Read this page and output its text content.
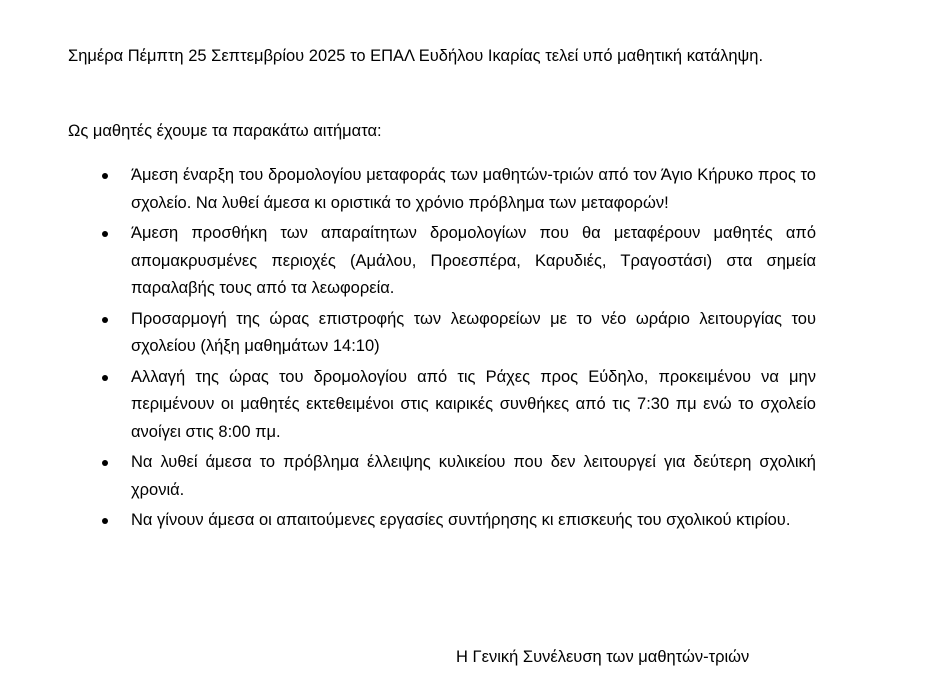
Σημέρα Πέμπτη 25 Σεπτεμβρίου 2025 το ΕΠΑΛ Ευδήλου Ικαρίας τελεί υπό μαθητική κατάληψη.

Ως μαθητές έχουμε τα παρακάτω αιτήματα:

Άμεση έναρξη του δρομολογίου μεταφοράς των μαθητών-τριών από τον Άγιο Κήρυκο προς το σχολείο. Να λυθεί άμεσα κι οριστικά το χρόνιο πρόβλημα των μεταφορών!
Άμεση προσθήκη των απαραίτητων δρομολογίων που θα μεταφέρουν μαθητές από απομακρυσμένες περιοχές (Αμάλου, Προεσπέρα, Καρυδιές, Τραγοστάσι) στα σημεία παραλαβής τους από τα λεωφορεία.
Προσαρμογή της ώρας επιστροφής των λεωφορείων με το νέο ωράριο λειτουργίας του σχολείου (λήξη μαθημάτων 14:10)
Αλλαγή της ώρας του δρομολογίου από τις Ράχες προς Εύδηλο, προκειμένου να μην περιμένουν οι μαθητές εκτεθειμένοι στις καιρικές συνθήκες από τις 7:30 πμ ενώ το σχολείο ανοίγει στις 8:00 πμ.
Να λυθεί άμεσα το πρόβλημα έλλειψης κυλικείου που δεν λειτουργεί για δεύτερη σχολική χρονιά.
Να γίνουν άμεσα οι απαιτούμενες εργασίες συντήρησης κι επισκευής του σχολικού κτιρίου.

Η Γενική Συνέλευση των μαθητών-τριών
